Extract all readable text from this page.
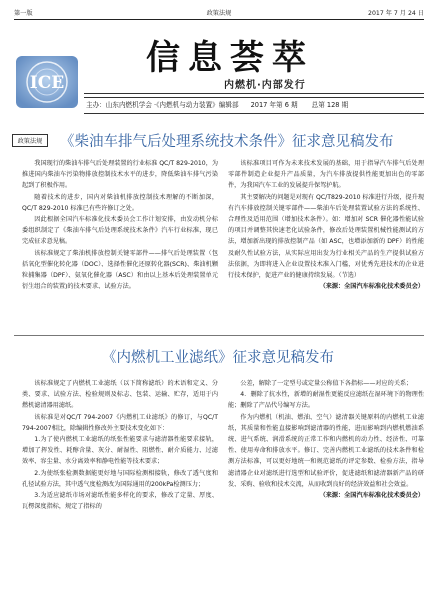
第一版	政策法规	2017 年 7 月 24 日
ICE
信息荟萃
内燃机·内部发行
主办：山东内燃机学会 ·《内燃机与动力装置》编辑部 2017 年第 6 期 总第 128 期
政策法规	《柴油车排气后处理系统技术条件》征求意见稿发布

我国现行的柴油车排气后处理装置的行业标准 QC/T 829-2010，为推进国内柴油车污染物排放控制技术水平的进步，降低柴油车排气污染起到了积极作用。

随着技术的进步，国内对柴油机排放控制技术理解的不断加深，QC/T 829-2010 标准已有些许修订之处。

因此根据全国汽车标准化技术委员会工作计划安排，由发动机分标委组织制定了《柴油车排气后处理系统技术条件》汽车行业标准，现已完成征求意见稿。

该标准规定了柴油机排放控制关键零部件——排气后处理装置（包括氧化型催化转化器（DOC）、选择性催化还原转化器(SCR)、柴油机颗粒捕集器（DPF）、氨氧化催化器（ASC）和由以上基本后处理装置单元衍生组合的装置)的技术要求、试验方法。

该标准项目可作为未来技术发展的基础，用于指导汽车排气后处理零部件制造企业提升产品质量，为汽车排放提供性能更加出色的零部件，为我国汽车工业的发展提升保驾护航。

其主要解决的问题是对现有 QC/T829-2010 标准进行升级，提升现有汽车排放控制关键零部件——柴油车后处理装置试验方法的系统性、合理性及适用范围（增加技术条件）。如：增加对 SCR 催化器性能试验的项目并调整其快速老化试验条件，修改后处理装置机械性能测试的方法，增加新出现的排放控制产品（如 ASC，也增添加新的 DPF）的性能及耐久性试验方法，从实际应用出发为行业相关产品的生产提供试验方法依据，为即将进入企业设置技术准入门槛，对优秀先进技术的企业进行技术保护，促进产业的健康持续发展。（节选）

（来源：全国汽车标准化技术委员会）

《内燃机工业滤纸》征求意见稿发布

该标准规定了内燃机工业滤纸（以下简称滤纸）的术语和定义、分类、要求、试验方法、检验规则及标志、包装、运输、贮存，适用于内燃机滤清器用滤纸。

该标准是对QC/T 794-2007《内燃机工业滤纸》的修订，与QC/T 794-2007相比，除编辑性修改外主要技术变化如下：

1.为了使内燃机工业滤纸的纸张性能要求与滤清器性能要求接轨，增加了挥发性、耗醇含量、灰分、耐湿性、阻燃性、耐介质能力、过滤效率、容尘量、水分离效率和静电性能等技术要求；

2.为使纸张检测数据能更好地与国际检测相接轨，修改了透气度和孔径试验方法，其中透气度检测改为国际通用的200kPa检测压力；

3.为适应滤纸市场对滤纸性能多样化的要求，修改了定量、厚度、瓦楞深度指标，规定了指标的

公差，解除了一定型号或定量公称值下各指标——对应的关系；

4．删除了抗水性，新增的耐湿性更能反应滤纸在湿环境下的物理性能；删除了产品代号编写方法。

作为内燃机（机油、燃油、空气）滤清器关键原料的内燃机工业滤纸，其质量和性能直接影响到滤清器的性能，进而影响到内燃机燃油系统、进气系统、润滑系统的正常工作和内燃机的动力性、经济性、可靠性、使用寿命和排放水平。修订、完善内燃机工业滤纸的技术条件和检测方法标准，可以更好地统一和规范滤纸的评定参数、检验方法，指导滤清器企业对滤纸进行选型和试验评价，促进滤纸和滤清器新产品的研发、采购、验收和技术交流，从而收到良好的经济效益和社会效益。

（来源：全国汽车标准化技术委员会）
